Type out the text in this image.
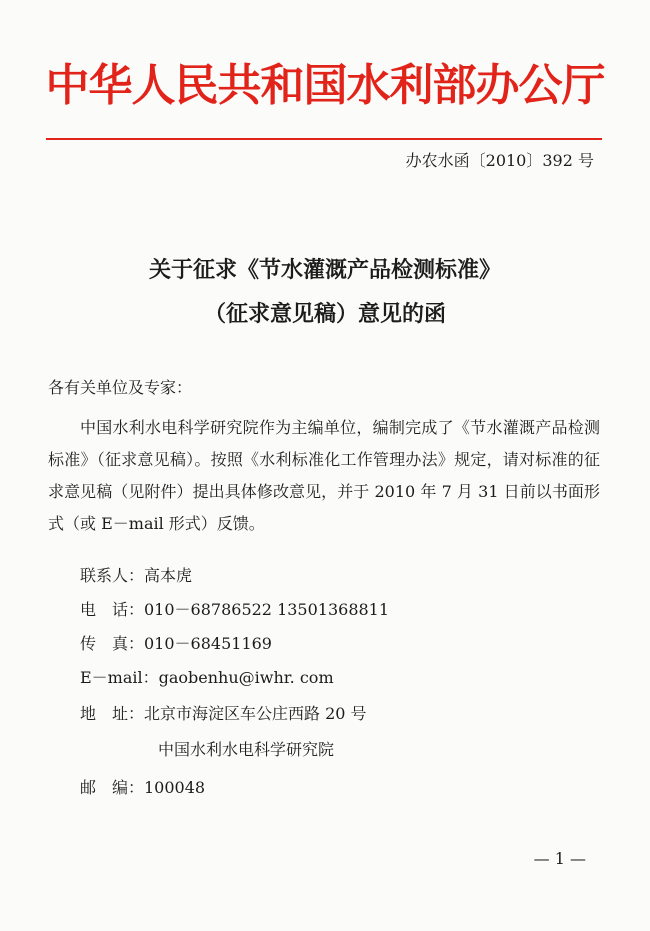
中华人民共和国水利部办公厅
办农水函〔2010〕392 号
关于征求《节水灌溉产品检测标准》
（征求意见稿）意见的函
各有关单位及专家：
中国水利水电科学研究院作为主编单位，编制完成了《节水灌溉产品检测标准》（征求意见稿）。按照《水利标准化工作管理办法》规定，请对标准的征求意见稿（见附件）提出具体修改意见，并于 2010 年 7 月 31 日前以书面形式（或 E－mail 形式）反馈。
联系人：高本虎
电　话：010－68786522 13501368811
传　真：010－68451169
E－mail：gaobenhu@iwhr. com
地　址：北京市海淀区车公庄西路 20 号
中国水利水电科学研究院
邮　编：100048
— 1 —
